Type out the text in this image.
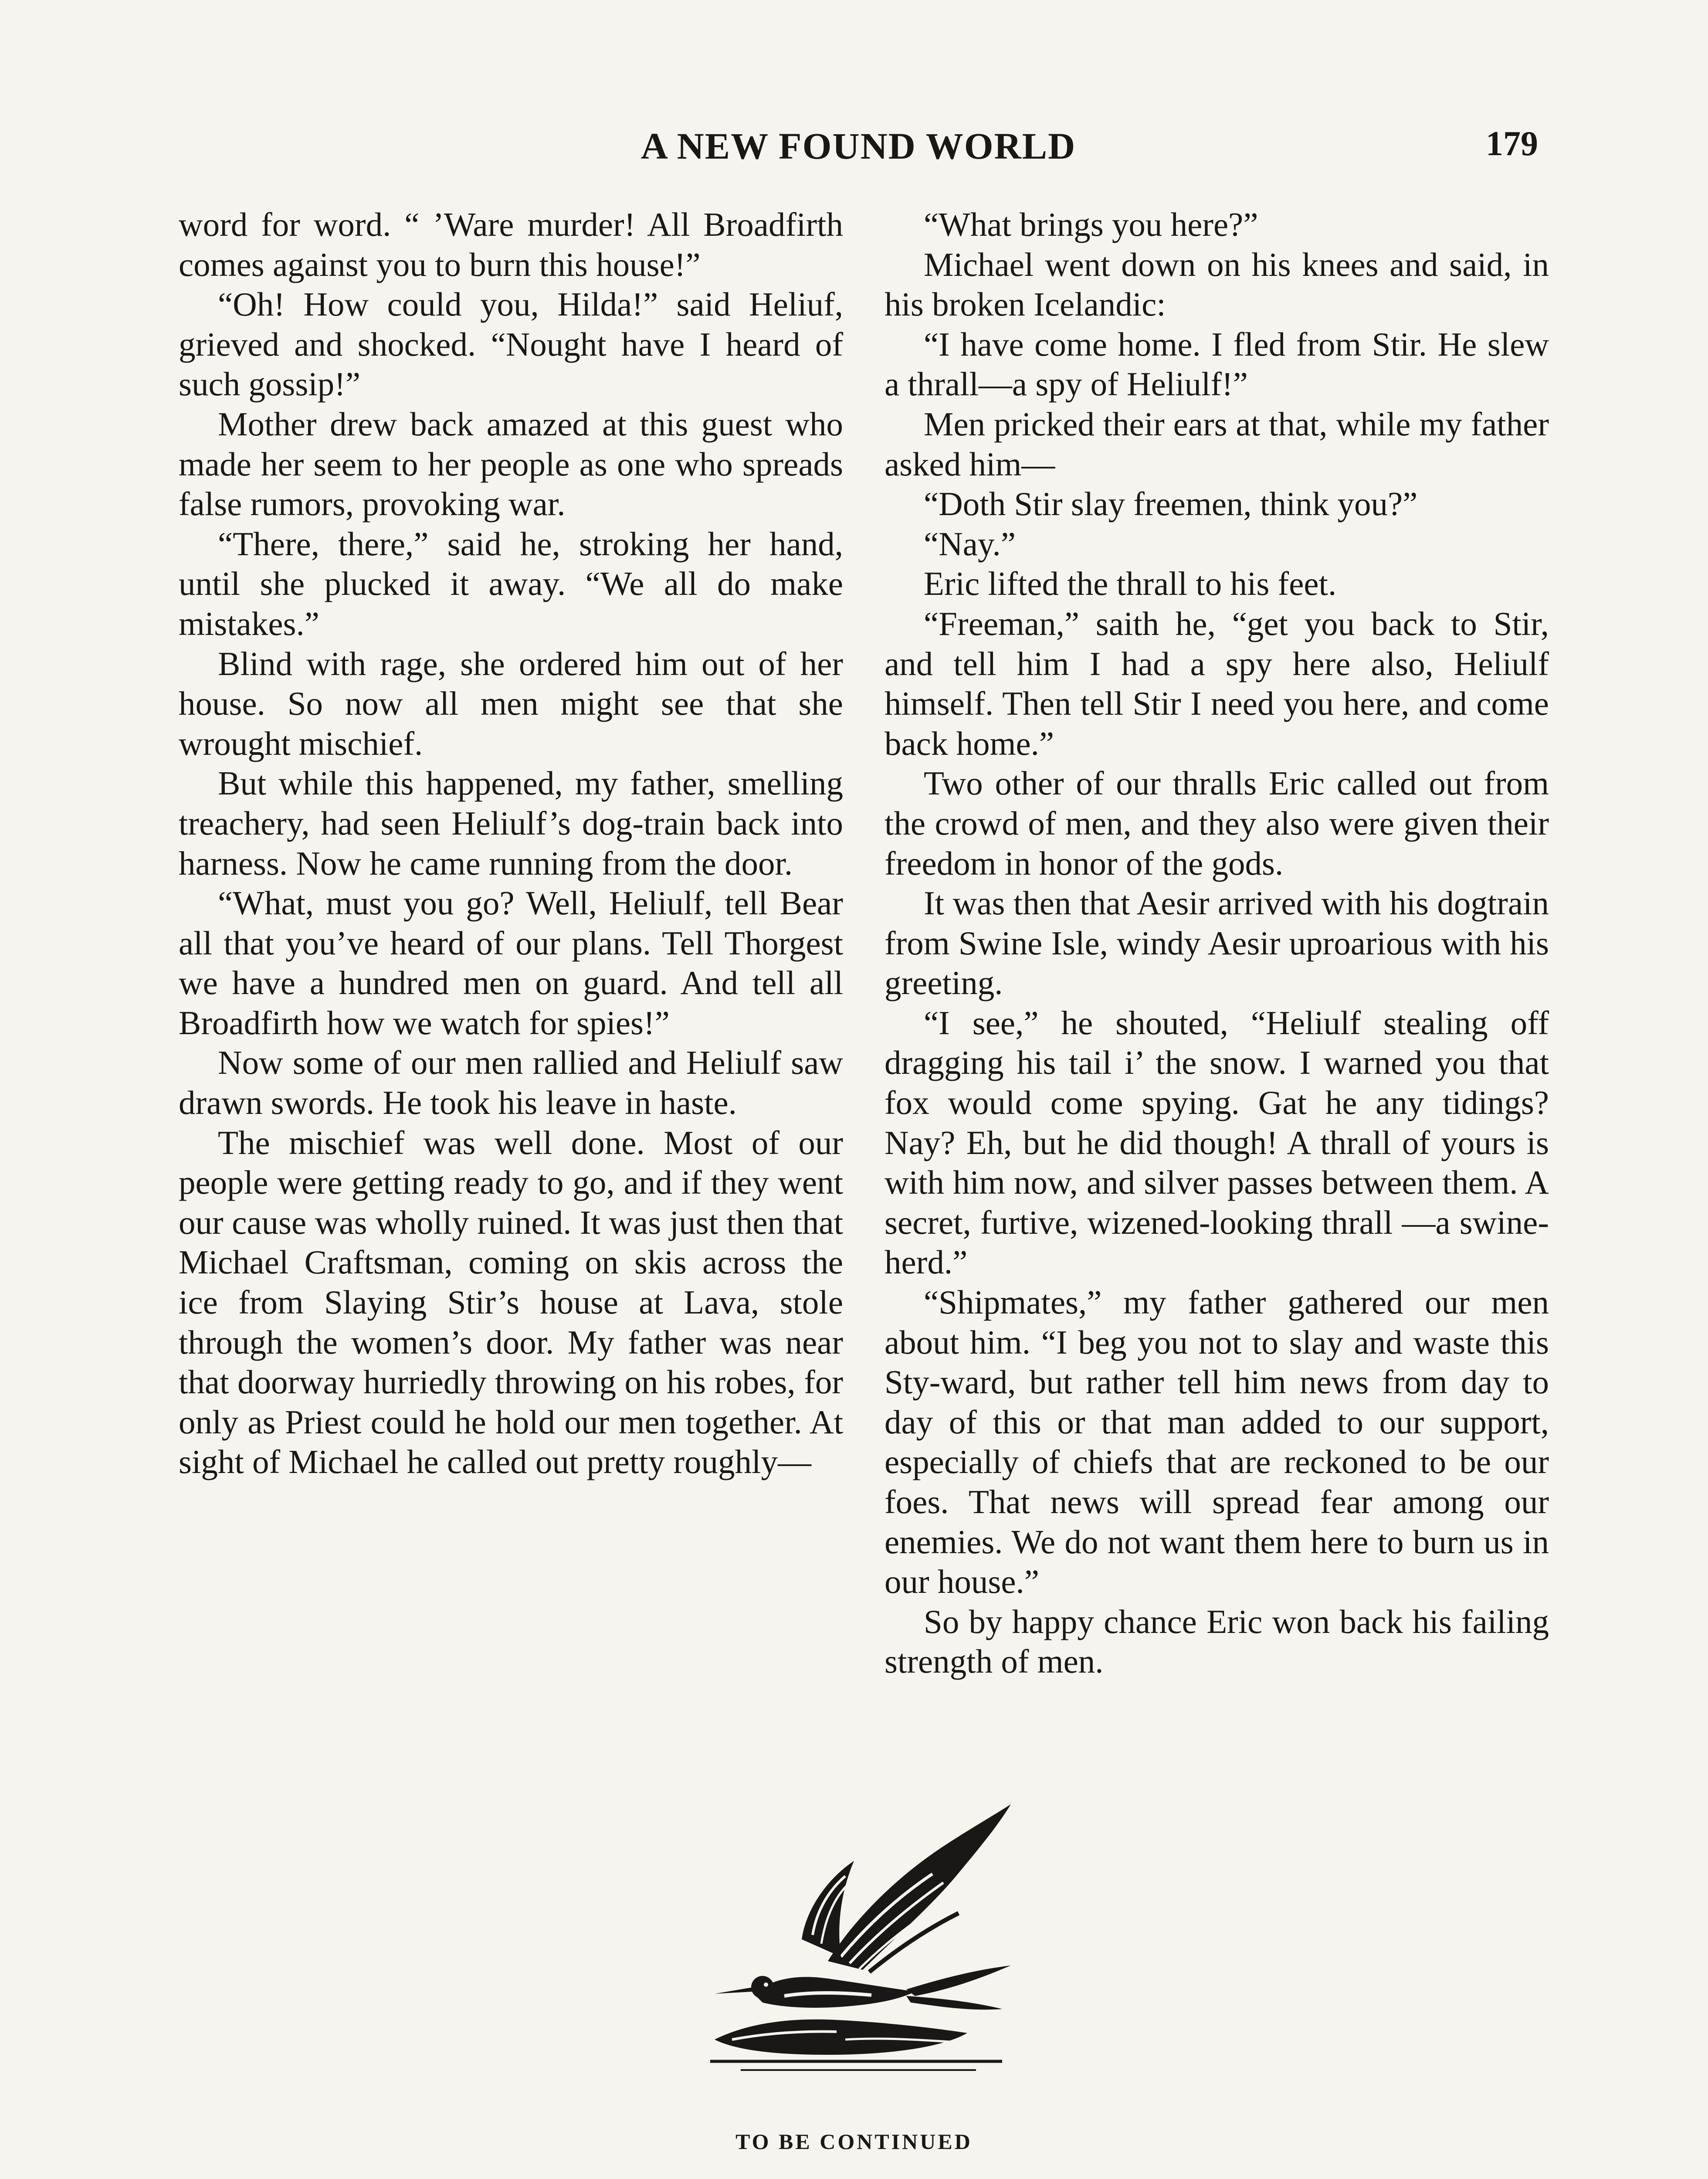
A NEW FOUND WORLD	179

word for word. “ ’Ware murder! All Broadfirth comes against you to burn this house!”

“Oh! How could you, Hilda!” said Heliuf, grieved and shocked. “Nought have I heard of such gossip!”

Mother drew back amazed at this guest who made her seem to her people as one who spreads false rumors, provoking war.

“There, there,” said he, stroking her hand, until she plucked it away. “We all do make mistakes.”

Blind with rage, she ordered him out of her house. So now all men might see that she wrought mischief.

But while this happened, my father, smelling treachery, had seen Heliulf’s dog-train back into harness. Now he came running from the door.

“What, must you go? Well, Heliulf, tell Bear all that you’ve heard of our plans. Tell Thorgest we have a hundred men on guard. And tell all Broadfirth how we watch for spies!”

Now some of our men rallied and Heliulf saw drawn swords. He took his leave in haste.

The mischief was well done. Most of our people were getting ready to go, and if they went our cause was wholly ruined. It was just then that Michael Craftsman, coming on skis across the ice from Slaying Stir’s house at Lava, stole through the women’s door. My father was near that doorway hurriedly throwing on his robes, for only as Priest could he hold our men together. At sight of Michael he called out pretty roughly—

“What brings you here?”

Michael went down on his knees and said, in his broken Icelandic:

“I have come home. I fled from Stir. He slew a thrall—a spy of Heliulf!”

Men pricked their ears at that, while my father asked him—

“Doth Stir slay freemen, think you?”

“Nay.”

Eric lifted the thrall to his feet.

“Freeman,” saith he, “get you back to Stir, and tell him I had a spy here also, Heliulf himself. Then tell Stir I need you here, and come back home.”

Two other of our thralls Eric called out from the crowd of men, and they also were given their freedom in honor of the gods.

It was then that Aesir arrived with his dogtrain from Swine Isle, windy Aesir uproarious with his greeting.

“I see,” he shouted, “Heliulf stealing off dragging his tail i’ the snow. I warned you that fox would come spying. Gat he any tidings? Nay? Eh, but he did though! A thrall of yours is with him now, and silver passes between them. A secret, furtive, wizened-looking thrall —a swine-herd.”

“Shipmates,” my father gathered our men about him. “I beg you not to slay and waste this Sty-ward, but rather tell him news from day to day of this or that man added to our support, especially of chiefs that are reckoned to be our foes. That news will spread fear among our enemies. We do not want them here to burn us in our house.”

So by happy chance Eric won back his failing strength of men.

TO BE CONTINUED
